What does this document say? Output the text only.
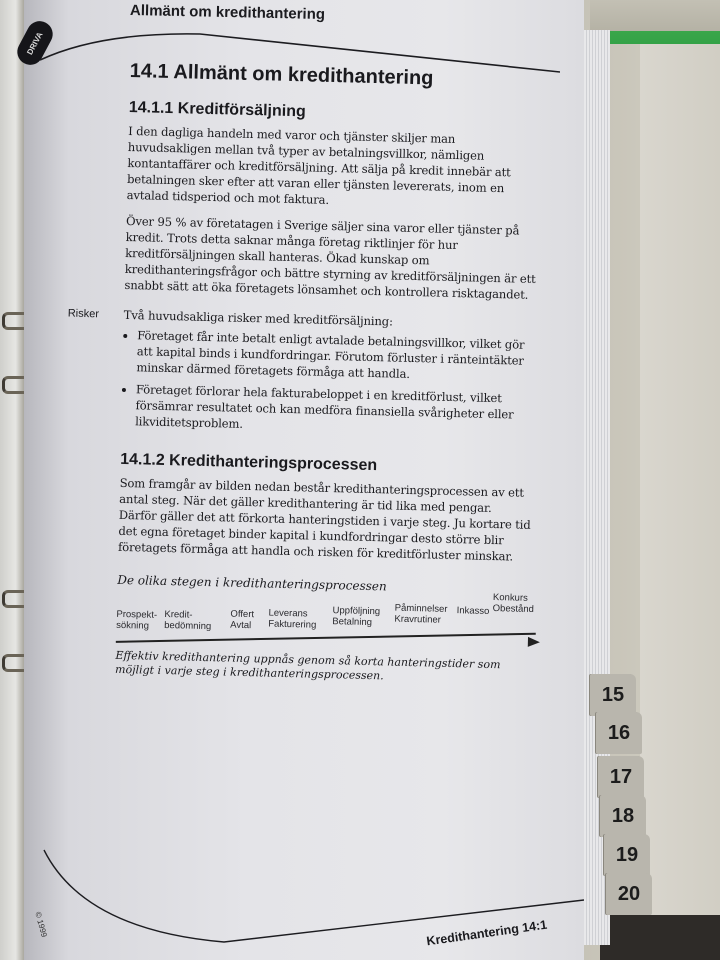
DRIVA
Allmänt om kredithantering
14.1 Allmänt om kredithantering
14.1.1 Kreditförsäljning

I den dagliga handeln med varor och tjänster skiljer man huvudsakligen mellan två typer av betalningsvillkor, nämligen kontantaffärer och kreditförsäljning. Att sälja på kredit innebär att betalningen sker efter att varan eller tjänsten levererats, inom en avtalad tidsperiod och mot faktura.

Över 95 % av företatagen i Sverige säljer sina varor eller tjänster på kredit. Trots detta saknar många företag riktlinjer för hur kreditförsäljningen skall hanteras. Ökad kunskap om kredithanteringsfrågor och bättre styrning av kreditförsäljningen är ett snabbt sätt att öka företagets lönsamhet och kontrollera risktagandet.

Risker Två huvudsakliga risker med kreditförsäljning:

• Företaget får inte betalt enligt avtalade betalningsvillkor, vilket gör att kapital binds i kundfordringar. Förutom förluster i ränteintäkter minskar därmed företagets förmåga att handla.
• Företaget förlorar hela fakturabeloppet i en kreditförlust, vilket försämrar resultatet och kan medföra finansiella svårigheter eller likviditetsproblem.
14.1.2 Kredithanteringsprocessen

Som framgår av bilden nedan består kredithanteringsprocessen av ett antal steg. När det gäller kredithantering är tid lika med pengar. Därför gäller det att förkorta hanteringstiden i varje steg. Ju kortare tid det egna företaget binder kapital i kundfordringar desto större blir företagets förmåga att handla och risken för kreditförluster minskar.

De olika stegen i kredithanteringsprocessen
Prospekt-
sökning
Kredit-
bedömning
Offert
Avtal
Leverans
Fakturering
Uppföljning
Betalning
Påminnelser
Kravrutiner
Inkasso
Konkurs
Obestånd
Effektiv kredithantering uppnås genom så korta hanteringstider som möjligt i varje steg i kredithanteringsprocessen.
Kredithantering 14:1
© 1999
15
16
17
18
19
20
